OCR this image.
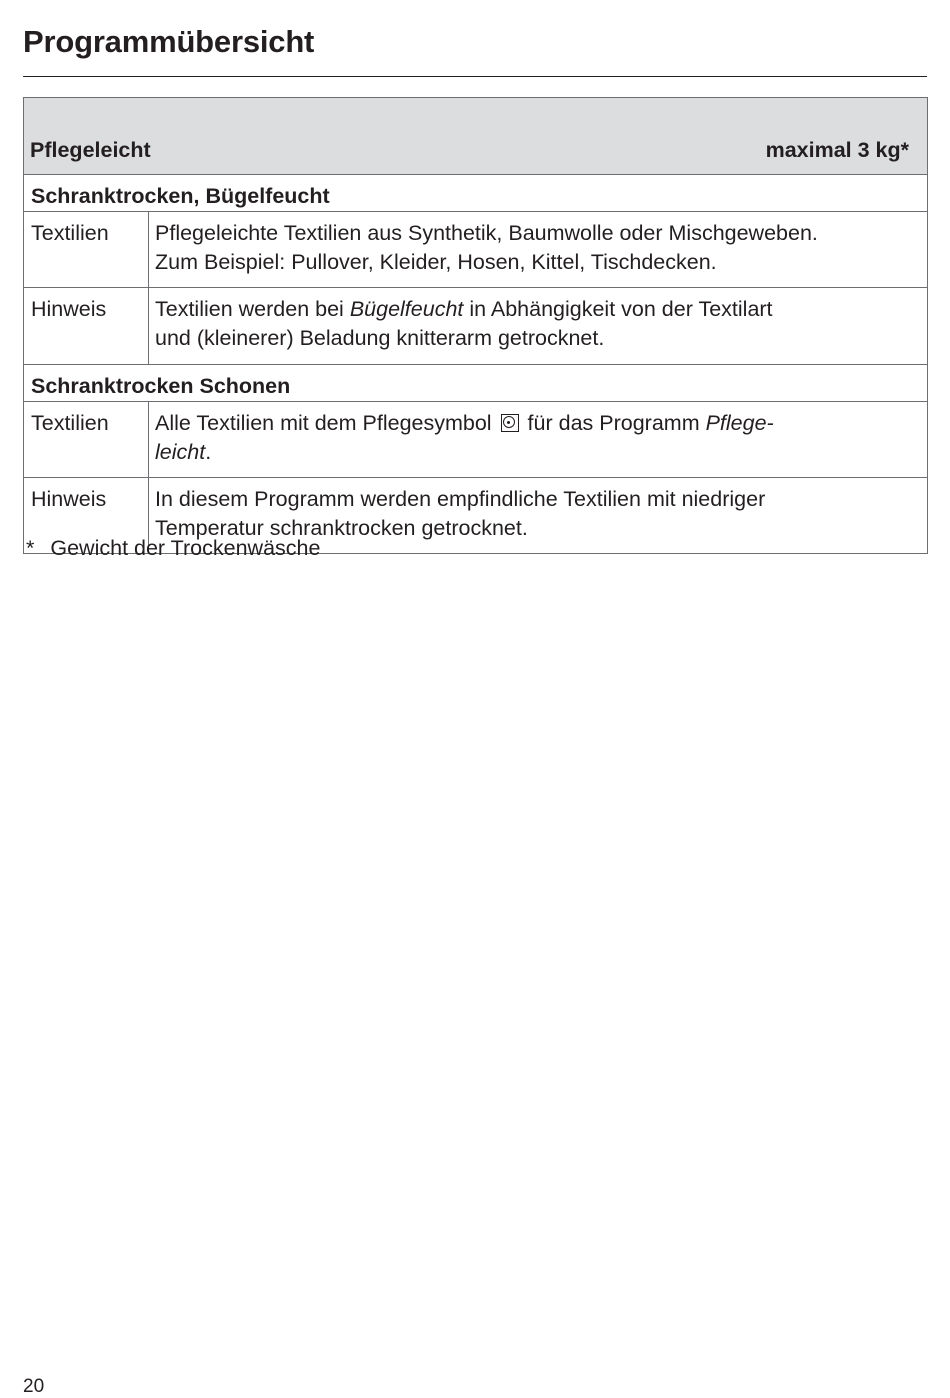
Programmübersicht
Pflegeleicht maximal 3 kg*	

Schranktrocken, Bügelfeucht	
Textilien	Pflegeleichte Textilien aus Synthetik, Baumwolle oder Mischgeweben.
Zum Beispiel: Pullover, Kleider, Hosen, Kittel, Tischdecken.

Hinweis	Textilien werden bei Bügelfeucht in Abhängigkeit von der Textilart
und (kleinerer) Beladung knitterarm getrocknet.

Schranktrocken Schonen	
Textilien	Alle Textilien mit dem Pflegesymbol für das Programm Pflege-
leicht.

Hinweis	In diesem Programm werden empfindliche Textilien mit niedriger
Temperatur schranktrocken getrocknet.
* Gewicht der Trockenwäsche
20
